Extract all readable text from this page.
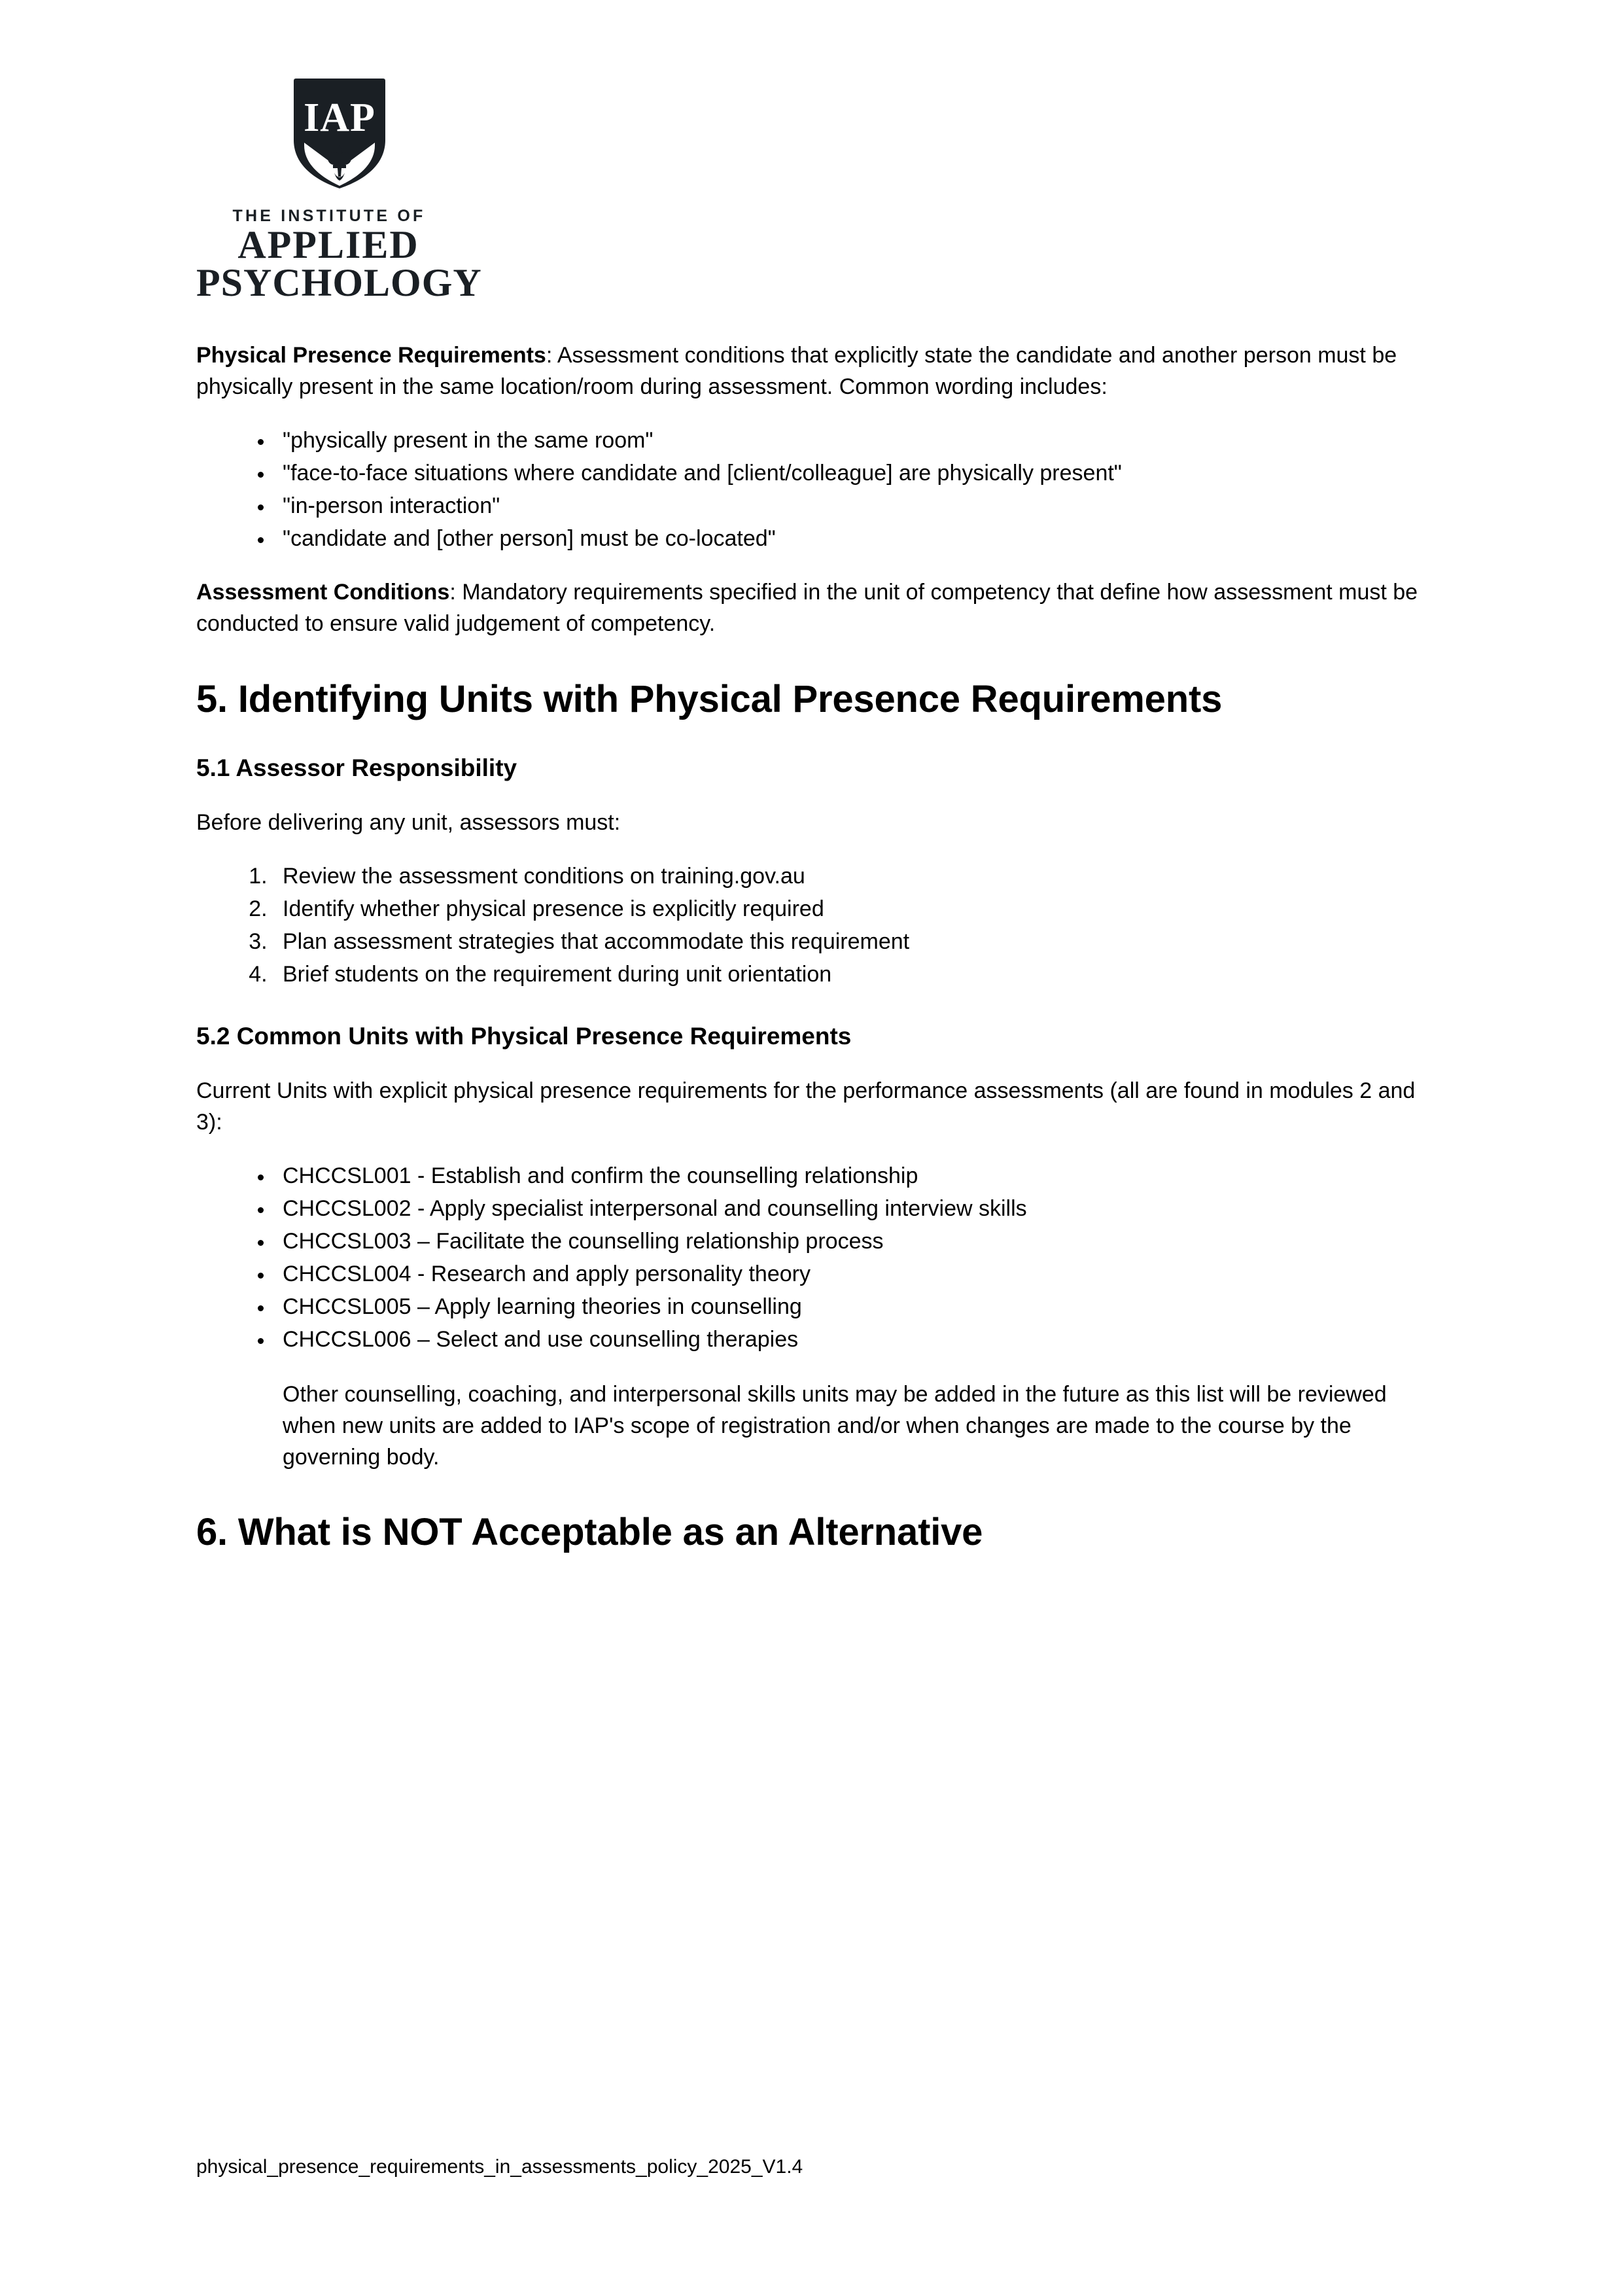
IAP
THE INSTITUTE OF
APPLIED
PSYCHOLOGY

Physical Presence Requirements: Assessment conditions that explicitly state the candidate and another person must be physically present in the same location/room during assessment. Common wording includes:

• "physically present in the same room"
• "face-to-face situations where candidate and [client/colleague] are physically present"
• "in-person interaction"
• "candidate and [other person] must be co-located"

Assessment Conditions: Mandatory requirements specified in the unit of competency that define how assessment must be conducted to ensure valid judgement of competency.

5. Identifying Units with Physical Presence Requirements
5.1 Assessor Responsibility

Before delivering any unit, assessors must:

1. Review the assessment conditions on training.gov.au
2. Identify whether physical presence is explicitly required
3. Plan assessment strategies that accommodate this requirement
4. Brief students on the requirement during unit orientation
5.2 Common Units with Physical Presence Requirements

Current Units with explicit physical presence requirements for the performance assessments (all are found in modules 2 and 3):

• CHCCSL001 - Establish and confirm the counselling relationship
• CHCCSL002 - Apply specialist interpersonal and counselling interview skills
• CHCCSL003 – Facilitate the counselling relationship process
• CHCCSL004 - Research and apply personality theory
• CHCCSL005 – Apply learning theories in counselling
• CHCCSL006 – Select and use counselling therapies

Other counselling, coaching, and interpersonal skills units may be added in the future as this list will be reviewed when new units are added to IAP's scope of registration and/or when changes are made to the course by the governing body.

6. What is NOT Acceptable as an Alternative
physical_presence_requirements_in_assessments_policy_2025_V1.4
